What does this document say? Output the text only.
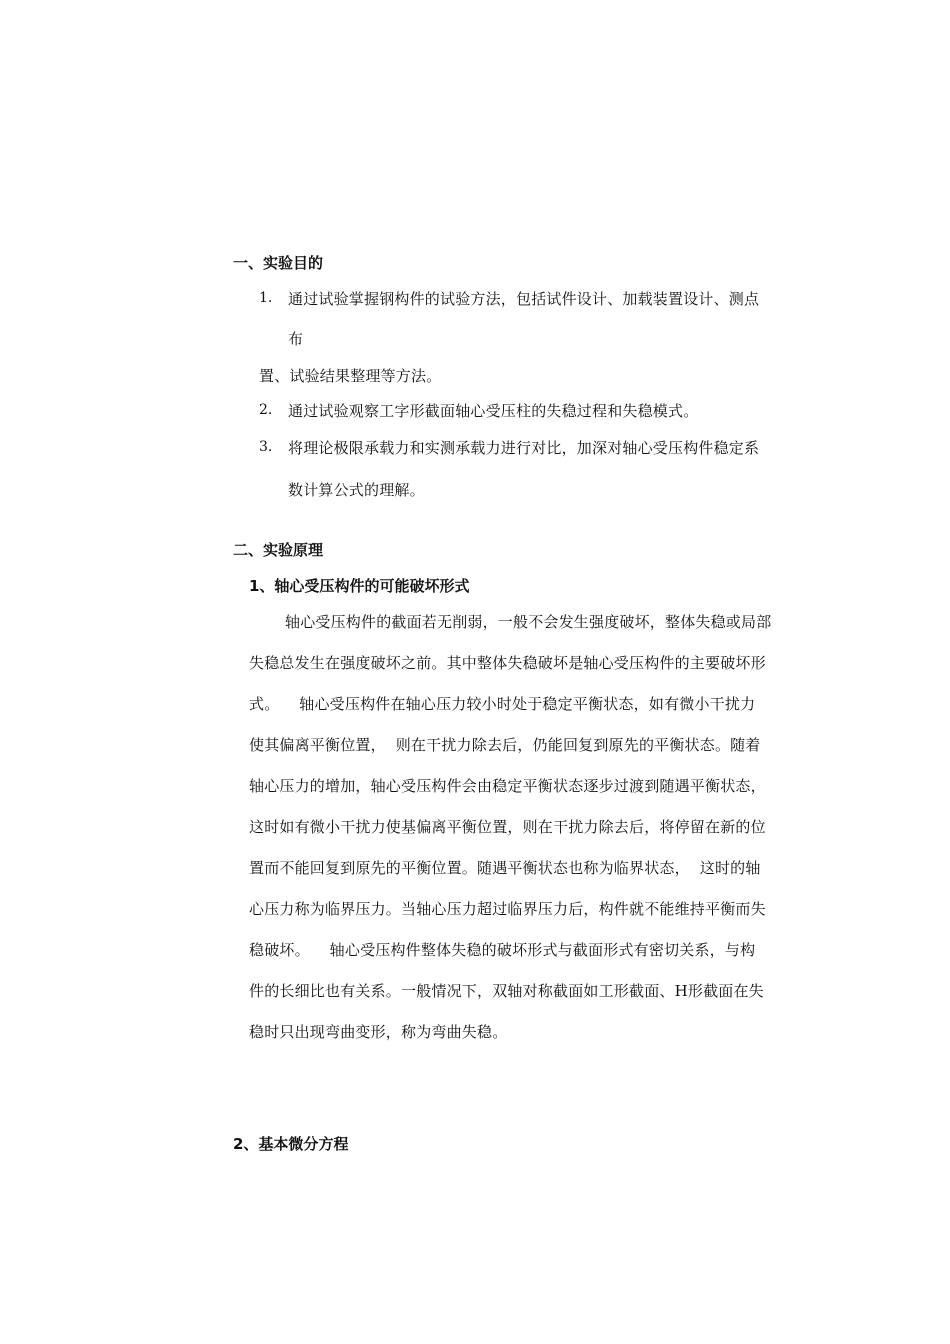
一、实验目的
1. 通过试验掌握钢构件的试验方法，包括试件设计、加载装置设计、测点
布
置、试验结果整理等方法。
2. 通过试验观察工字形截面轴心受压柱的失稳过程和失稳模式。
3. 将理论极限承载力和实测承载力进行对比，加深对轴心受压构件稳定系
数计算公式的理解。
二、实验原理
1、轴心受压构件的可能破坏形式
轴心受压构件的截面若无削弱，一般不会发生强度破坏，整体失稳或局部
失稳总发生在强度破坏之前。其中整体失稳破坏是轴心受压构件的主要破坏形
式。    轴心受压构件在轴心压力较小时处于稳定平衡状态，如有微小干扰力
使其偏离平衡位置，  则在干扰力除去后，仍能回复到原先的平衡状态。随着
轴心压力的增加，轴心受压构件会由稳定平衡状态逐步过渡到随遇平衡状态，
这时如有微小干扰力使基偏离平衡位置，则在干扰力除去后，将停留在新的位
置而不能回复到原先的平衡位置。随遇平衡状态也称为临界状态，  这时的轴
心压力称为临界压力。当轴心压力超过临界压力后，构件就不能维持平衡而失
稳破坏。    轴心受压构件整体失稳的破坏形式与截面形式有密切关系，与构
件的长细比也有关系。一般情况下，双轴对称截面如工形截面、H形截面在失
稳时只出现弯曲变形，称为弯曲失稳。
2、基本微分方程
